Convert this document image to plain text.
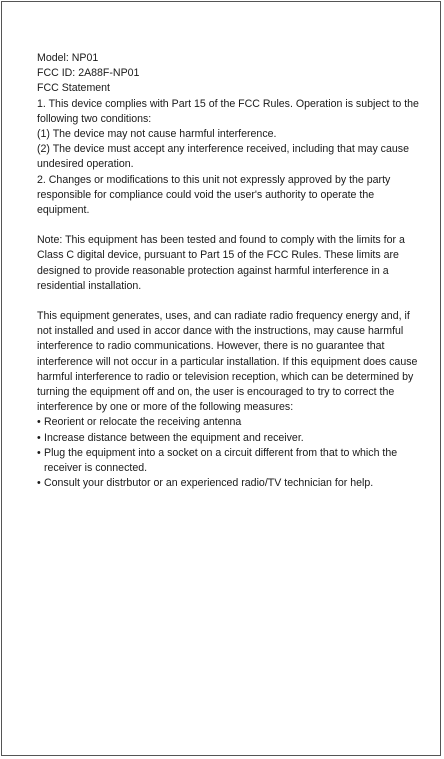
Model: NP01
FCC ID: 2A88F-NP01
FCC Statement
1. This device complies with Part 15 of the FCC Rules. Operation is subject to the following two conditions:
(1) The device may not cause harmful interference.
(2) The device must accept any interference received, including that may cause undesired operation.
2. Changes or modifications to this unit not expressly approved by the party responsible for compliance could void the user's authority to operate the equipment.
Note: This equipment has been tested and found to comply with the limits for a Class C digital device, pursuant to Part 15 of the FCC Rules. These limits are designed to provide reasonable protection against harmful interference in a residential installation.
This equipment generates, uses, and can radiate radio frequency energy and, if not installed and used in accor dance with the instructions, may cause harmful interference to radio communications. However, there is no guarantee that interference will not occur in a particular installation. If this equipment does cause harmful interference to radio or television reception, which can be determined by turning the equipment off and on, the user is encouraged to try to correct the interference by one or more of the following measures:
• Reorient or relocate the receiving antenna
• Increase distance between the equipment and receiver.
• Plug the equipment into a socket on a circuit different from that to which the receiver is connected.
• Consult your distrbutor or an experienced radio/TV technician for help.
